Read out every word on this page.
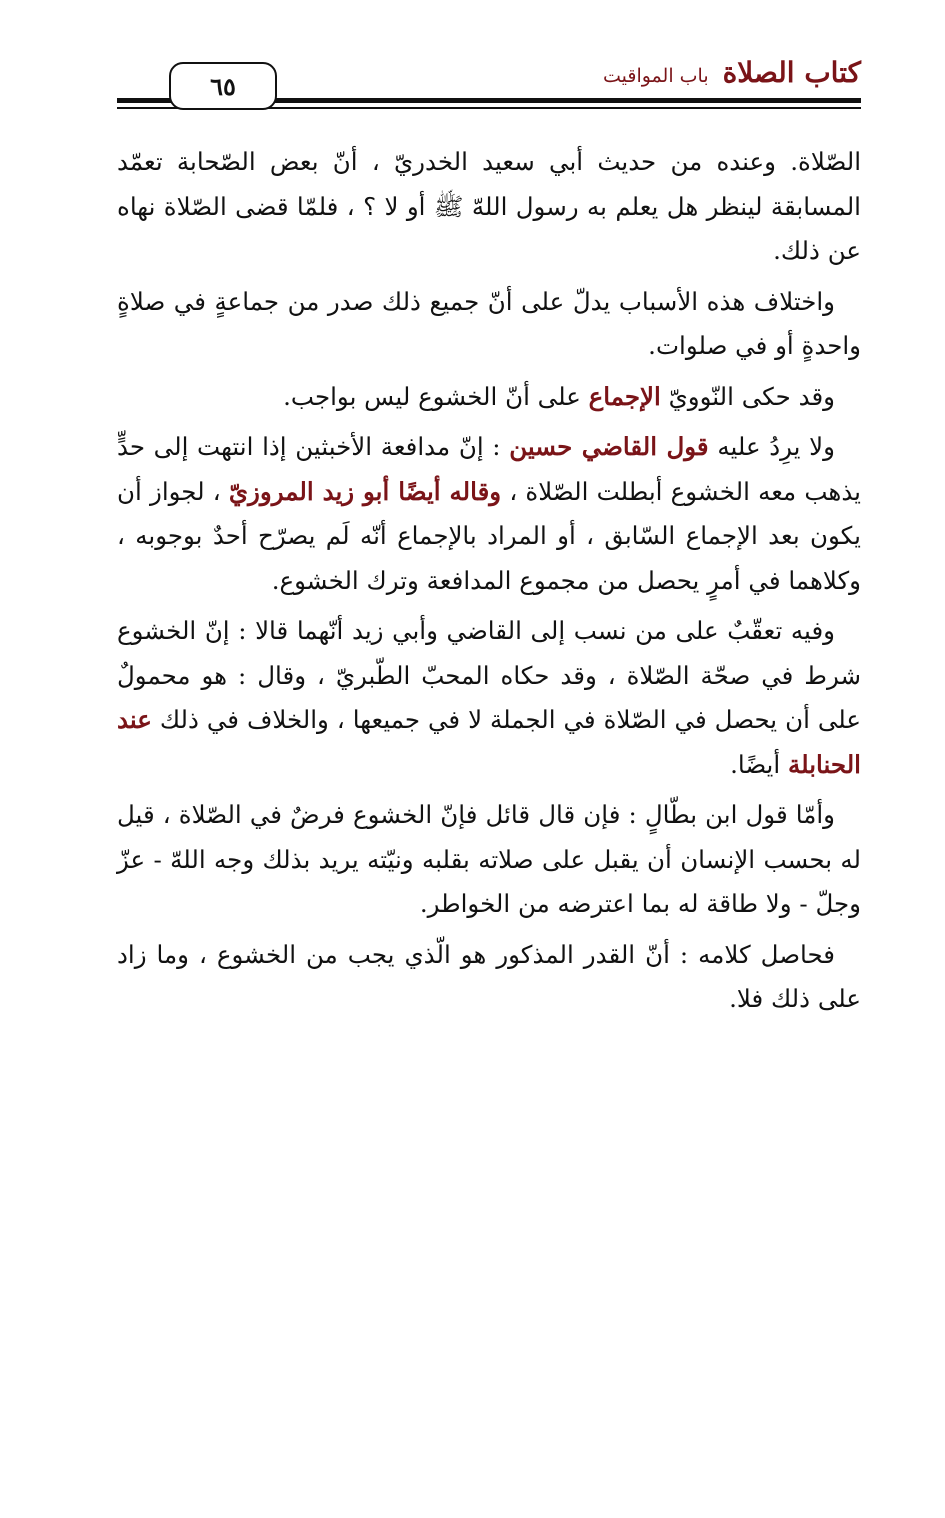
كتاب الصلاة
باب المواقيت
٦٥

الصّلاة. وعنده من حديث أبي سعيد الخدريّ ، أنّ بعض الصّحابة تعمّد المسابقة لينظر هل يعلم به رسول اللهّ ﷺ أو لا ؟ ، فلمّا قضى الصّلاة نهاه عن ذلك.

واختلاف هذه الأسباب يدلّ على أنّ جميع ذلك صدر من جماعةٍ في صلاةٍ واحدةٍ أو في صلوات.

وقد حكى النّوويّ الإجماع على أنّ الخشوع ليس بواجب.

ولا يرِدُ عليه قول القاضي حسين : إنّ مدافعة الأخبثين إذا انتهت إلى حدٍّ يذهب معه الخشوع أبطلت الصّلاة ، وقاله أيضًا أبو زيد المروزيّ ، لجواز أن يكون بعد الإجماع السّابق ، أو المراد بالإجماع أنّه لَم يصرّح أحدٌ بوجوبه ، وكلاهما في أمرٍ يحصل من مجموع المدافعة وترك الخشوع.

وفيه تعقّبٌ على من نسب إلى القاضي وأبي زيد أنّهما قالا : إنّ الخشوع شرط في صحّة الصّلاة ، وقد حكاه المحبّ الطّبريّ ، وقال : هو محمولٌ على أن يحصل في الصّلاة في الجملة لا في جميعها ، والخلاف في ذلك عند الحنابلة أيضًا.

وأمّا قول ابن بطّالٍ : فإن قال قائل فإنّ الخشوع فرضٌ في الصّلاة ، قيل له بحسب الإنسان أن يقبل على صلاته بقلبه ونيّته يريد بذلك وجه اللهّ - عزّ وجلّ - ولا طاقة له بما اعترضه من الخواطر.

فحاصل كلامه : أنّ القدر المذكور هو الّذي يجب من الخشوع ، وما زاد على ذلك فلا.
